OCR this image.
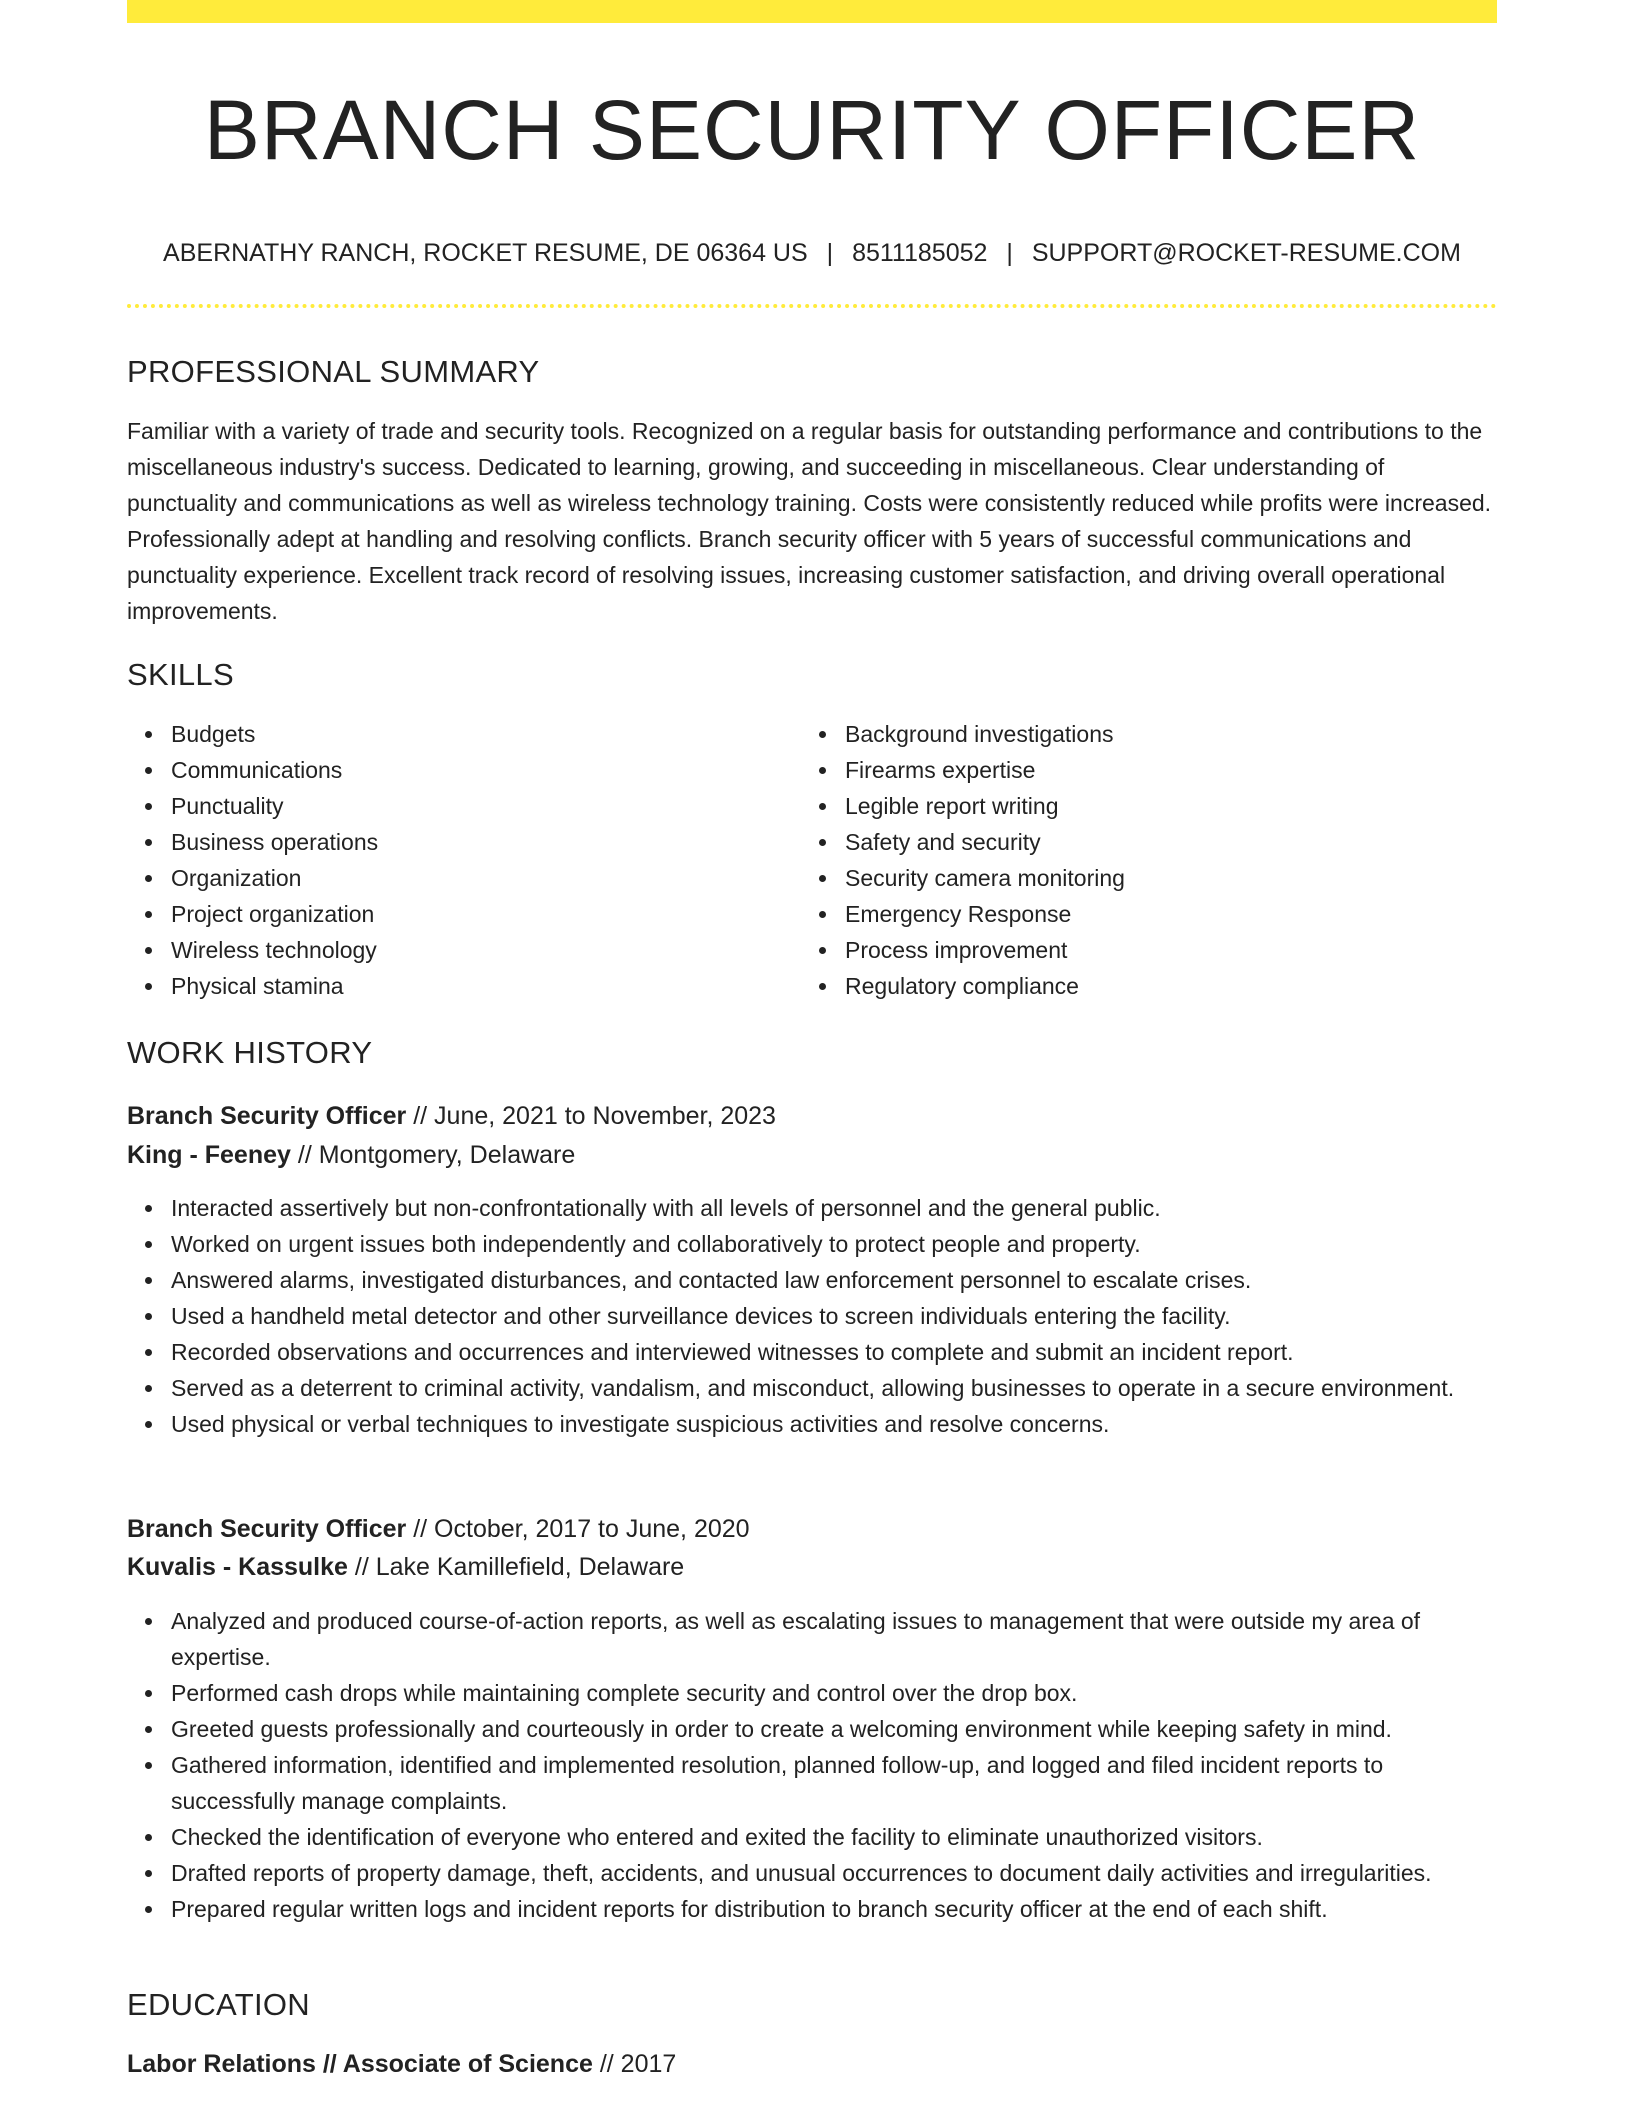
BRANCH SECURITY OFFICER
ABERNATHY RANCH, ROCKET RESUME, DE 06364 US | 8511185052 | SUPPORT@ROCKET-RESUME.COM
PROFESSIONAL SUMMARY
Familiar with a variety of trade and security tools. Recognized on a regular basis for outstanding performance and contributions to the miscellaneous industry's success. Dedicated to learning, growing, and succeeding in miscellaneous. Clear understanding of punctuality and communications as well as wireless technology training. Costs were consistently reduced while profits were increased. Professionally adept at handling and resolving conflicts. Branch security officer with 5 years of successful communications and punctuality experience. Excellent track record of resolving issues, increasing customer satisfaction, and driving overall operational improvements.
SKILLS
Budgets
Communications
Punctuality
Business operations
Organization
Project organization
Wireless technology
Physical stamina
Background investigations
Firearms expertise
Legible report writing
Safety and security
Security camera monitoring
Emergency Response
Process improvement
Regulatory compliance
WORK HISTORY
Branch Security Officer // June, 2021 to November, 2023
King - Feeney // Montgomery, Delaware
Interacted assertively but non-confrontationally with all levels of personnel and the general public.
Worked on urgent issues both independently and collaboratively to protect people and property.
Answered alarms, investigated disturbances, and contacted law enforcement personnel to escalate crises.
Used a handheld metal detector and other surveillance devices to screen individuals entering the facility.
Recorded observations and occurrences and interviewed witnesses to complete and submit an incident report.
Served as a deterrent to criminal activity, vandalism, and misconduct, allowing businesses to operate in a secure environment.
Used physical or verbal techniques to investigate suspicious activities and resolve concerns.
Branch Security Officer // October, 2017 to June, 2020
Kuvalis - Kassulke // Lake Kamillefield, Delaware
Analyzed and produced course-of-action reports, as well as escalating issues to management that were outside my area of expertise.
Performed cash drops while maintaining complete security and control over the drop box.
Greeted guests professionally and courteously in order to create a welcoming environment while keeping safety in mind.
Gathered information, identified and implemented resolution, planned follow-up, and logged and filed incident reports to successfully manage complaints.
Checked the identification of everyone who entered and exited the facility to eliminate unauthorized visitors.
Drafted reports of property damage, theft, accidents, and unusual occurrences to document daily activities and irregularities.
Prepared regular written logs and incident reports for distribution to branch security officer at the end of each shift.
EDUCATION
Labor Relations // Associate of Science // 2017
